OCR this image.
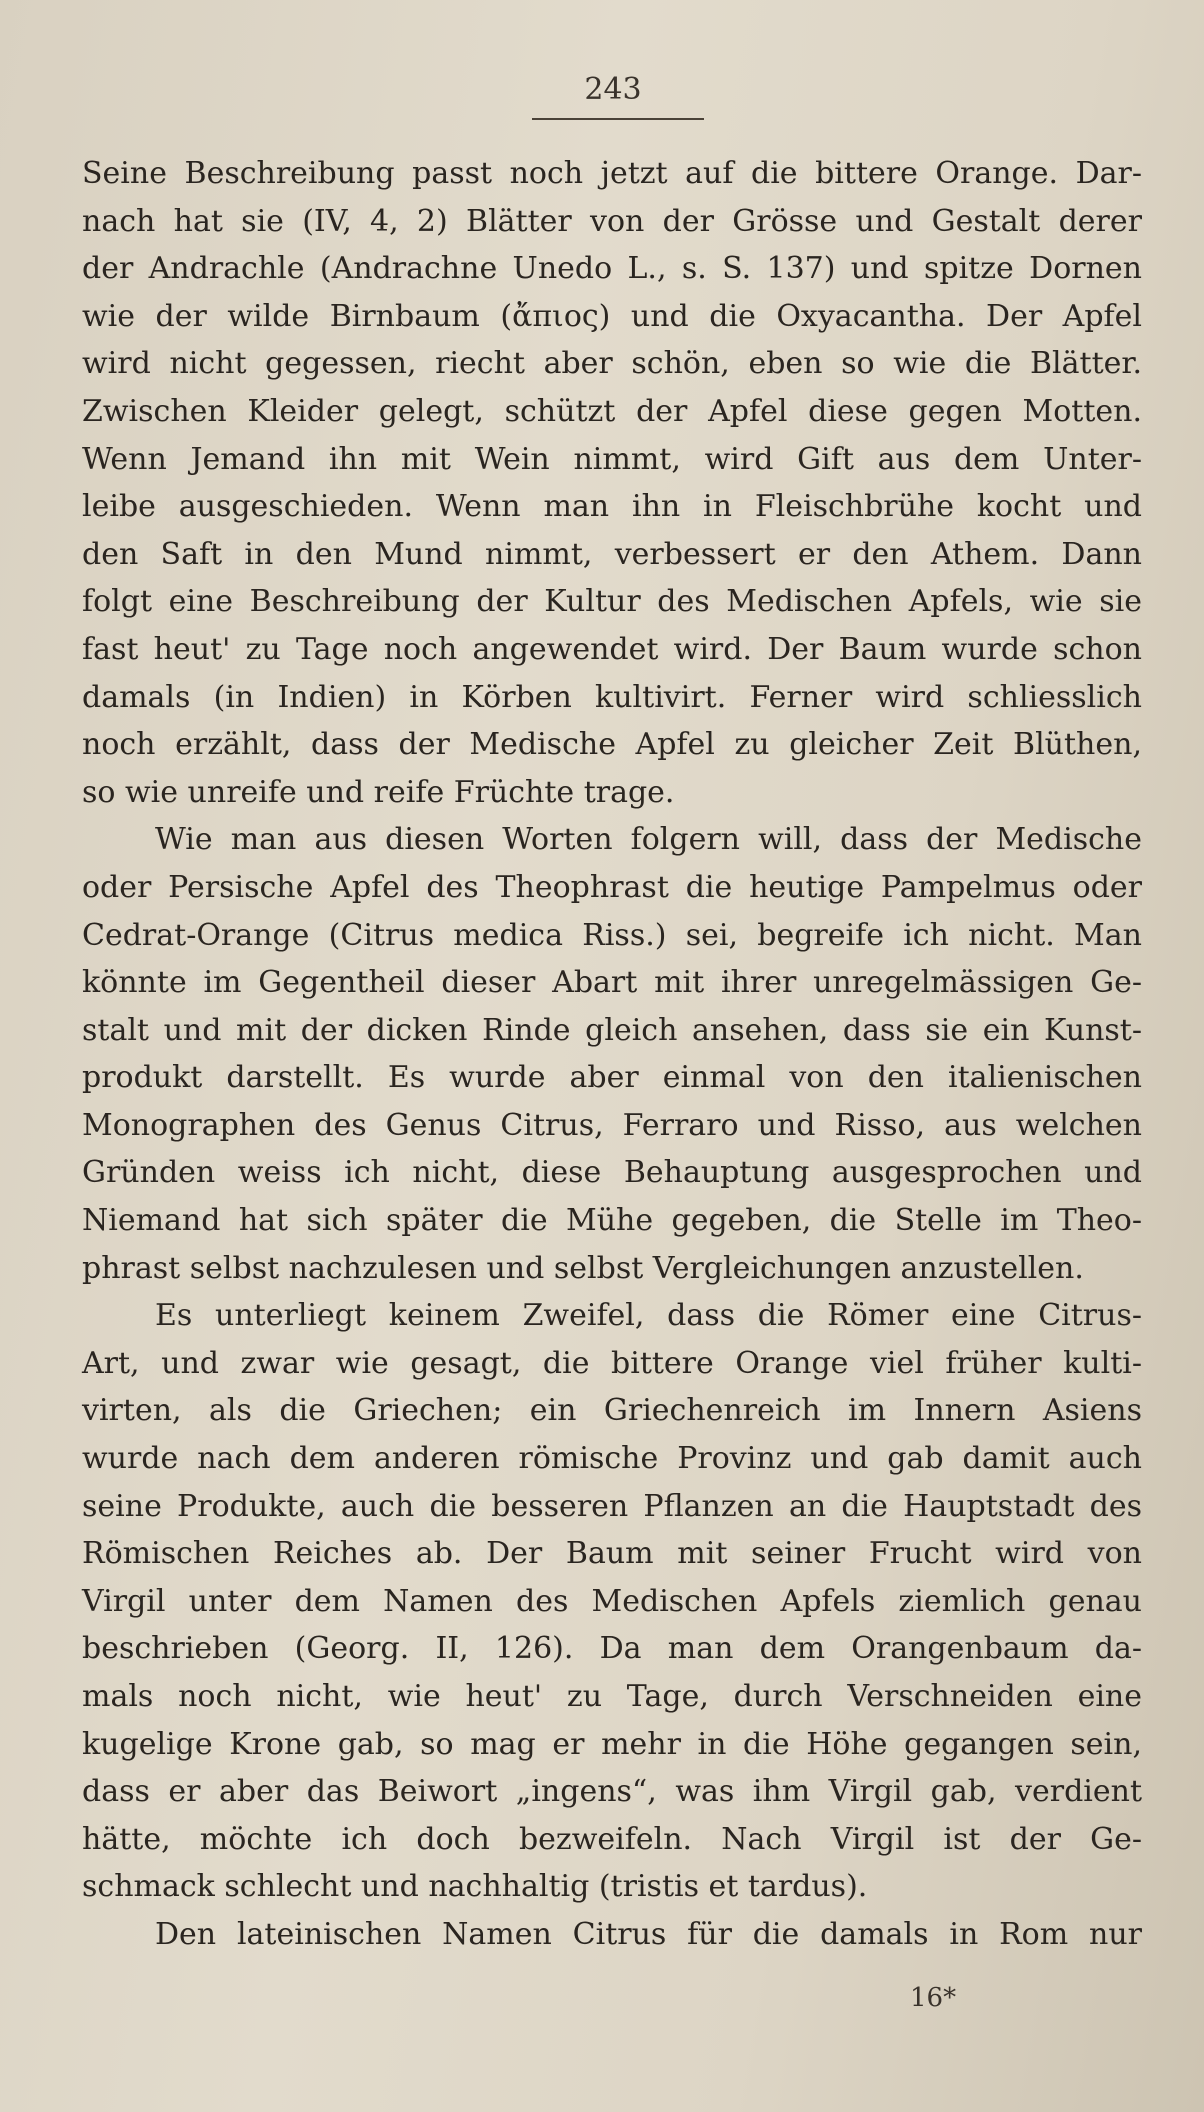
243
Seine Beschreibung passt noch jetzt auf die bittere Orange. Dar-
nach hat sie (IV, 4, 2) Blätter von der Grösse und Gestalt derer
der Andrachle (Andrachne Unedo L., s. S. 137) und spitze Dornen
wie der wilde Birnbaum (ἄπιος) und die Oxyacantha. Der Apfel
wird nicht gegessen, riecht aber schön, eben so wie die Blätter.
Zwischen Kleider gelegt, schützt der Apfel diese gegen Motten.
Wenn Jemand ihn mit Wein nimmt, wird Gift aus dem Unter-
leibe ausgeschieden. Wenn man ihn in Fleischbrühe kocht und
den Saft in den Mund nimmt, verbessert er den Athem. Dann
folgt eine Beschreibung der Kultur des Medischen Apfels, wie sie
fast heut' zu Tage noch angewendet wird. Der Baum wurde schon
damals (in Indien) in Körben kultivirt. Ferner wird schliesslich
noch erzählt, dass der Medische Apfel zu gleicher Zeit Blüthen,
so wie unreife und reife Früchte trage.
Wie man aus diesen Worten folgern will, dass der Medische
oder Persische Apfel des Theophrast die heutige Pampelmus oder
Cedrat-Orange (Citrus medica Riss.) sei, begreife ich nicht. Man
könnte im Gegentheil dieser Abart mit ihrer unregelmässigen Ge-
stalt und mit der dicken Rinde gleich ansehen, dass sie ein Kunst-
produkt darstellt. Es wurde aber einmal von den italienischen
Monographen des Genus Citrus, Ferraro und Risso, aus welchen
Gründen weiss ich nicht, diese Behauptung ausgesprochen und
Niemand hat sich später die Mühe gegeben, die Stelle im Theo-
phrast selbst nachzulesen und selbst Vergleichungen anzustellen.
Es unterliegt keinem Zweifel, dass die Römer eine Citrus-
Art, und zwar wie gesagt, die bittere Orange viel früher kulti-
virten, als die Griechen; ein Griechenreich im Innern Asiens
wurde nach dem anderen römische Provinz und gab damit auch
seine Produkte, auch die besseren Pflanzen an die Hauptstadt des
Römischen Reiches ab. Der Baum mit seiner Frucht wird von
Virgil unter dem Namen des Medischen Apfels ziemlich genau
beschrieben (Georg. II, 126). Da man dem Orangenbaum da-
mals noch nicht, wie heut' zu Tage, durch Verschneiden eine
kugelige Krone gab, so mag er mehr in die Höhe gegangen sein,
dass er aber das Beiwort „ingens“, was ihm Virgil gab, verdient
hätte, möchte ich doch bezweifeln. Nach Virgil ist der Ge-
schmack schlecht und nachhaltig (tristis et tardus).
Den lateinischen Namen Citrus für die damals in Rom nur
16*
